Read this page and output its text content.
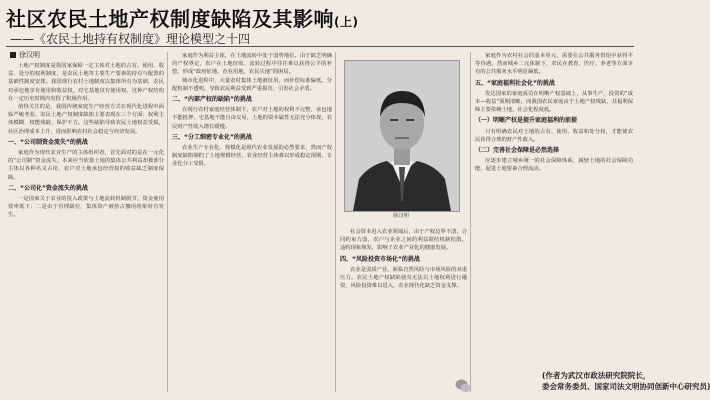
社区农民土地产权制度缺陷及其影响(上)
——《农民土地持有权制度》理论模型之十四
徐汉明

土地产权制度是指国家保障一定主体对土地的占有、使用、收益、处分的权利制度，是农民土地等主要生产要素的持有与配置的基础性制度安排。我国现行农村土地制度以集体所有为基础，农民对承包地享有使用和收益权，对宅基地仅有使用权，这种产权结构在一定历史时期内发挥了积极作用。

值得关注的是，我国传统家庭生产经营方式在现代化进程中面临严峻考验。农民土地产权制度缺陷主要表现在三个方面：权利主体模糊、权能残缺、保护不力。这些缺陷导致农民土地权益受损，社区治理成本上升，进而影响农村社会稳定与经济发展。

一、“公司制资金流失”的挑战

家庭作为现代农业生产的主体组织者，首先面对的是在一元化的“公司制”资金流失。本来应当依靠土地的集体公共利益却被部分主体以各种名义占用，农户对土地承包经营权的收益缺乏制度保障。

二、“公司化”资金流失的挑战

一是国家关于农业的投入政策与土地流转机制脱节，资金使用效率低下；二是由于管理缺位，集体资产被挤占挪用现象时有发生。

家庭作为利益主体，在土地流转中处于弱势地位。由于缺乏明确的产权界定，农户在土地征收、流转过程中往往难以获得公平的补偿，形成“政府征地、企业用地、农民失地”的困局。

城市化进程中，大量农村集体土地被征用，而补偿标准偏低，分配机制不透明，导致农民利益受到严重损害，引发社会矛盾。

二、“内部产权的缺陷”的挑战

在现行农村家庭经营体制下，农户对土地的权利不完整，承包地不能抵押、宅基地不能自由交易，土地的资本属性无法充分体现，农民财产性收入增长缓慢。

三、“分工细密专业化”的挑战

农业生产专业化、规模化是现代农业发展的必然要求，然而产权制度缺陷制约了土地规模经营，农业经营主体难以形成稳定预期，专业化分工受阻。

徐汉明

社会资本进入农业领域后，由于产权边界不清，合同约束力弱，农户与企业之间的利益联结机制松散，违约现象频发，影响了农业产业化的健康发展。

四、“风险投资市场化”的挑战

农业是弱质产业，面临自然风险与市场风险的双重压力。农民土地产权缺陷使其无法以土地权利进行融资，风险投资难以进入，农业现代化缺乏资金支撑。

家庭作为农村社会的基本单元，需要在公共服务供给中获得平等待遇。然而城乡二元体制下，农民在教育、医疗、养老等方面享有的公共服务水平明显偏低。

五、“家庭福利社会化”的挑战

发达国家的家庭成员在明晰产权基础上，从事生产、投资的“成本—收益”预期清晰。而我国农民家庭由于土地产权残缺，其福利保障主要依赖土地，社会化程度低。

（一）明晰产权是提升家庭福利的前提

只有明确农民对土地的占有、使用、收益和处分权，才能使农民获得合理的财产性收入。

（二）完善社会保障是必然选择

应逐步建立城乡统一的社会保障体系，减轻土地的社会保障功能，促进土地要素合理流动。

(作者为武汉市政法研究院院长，
委会常务委员、国家司法文明协同创新中心研究员)
